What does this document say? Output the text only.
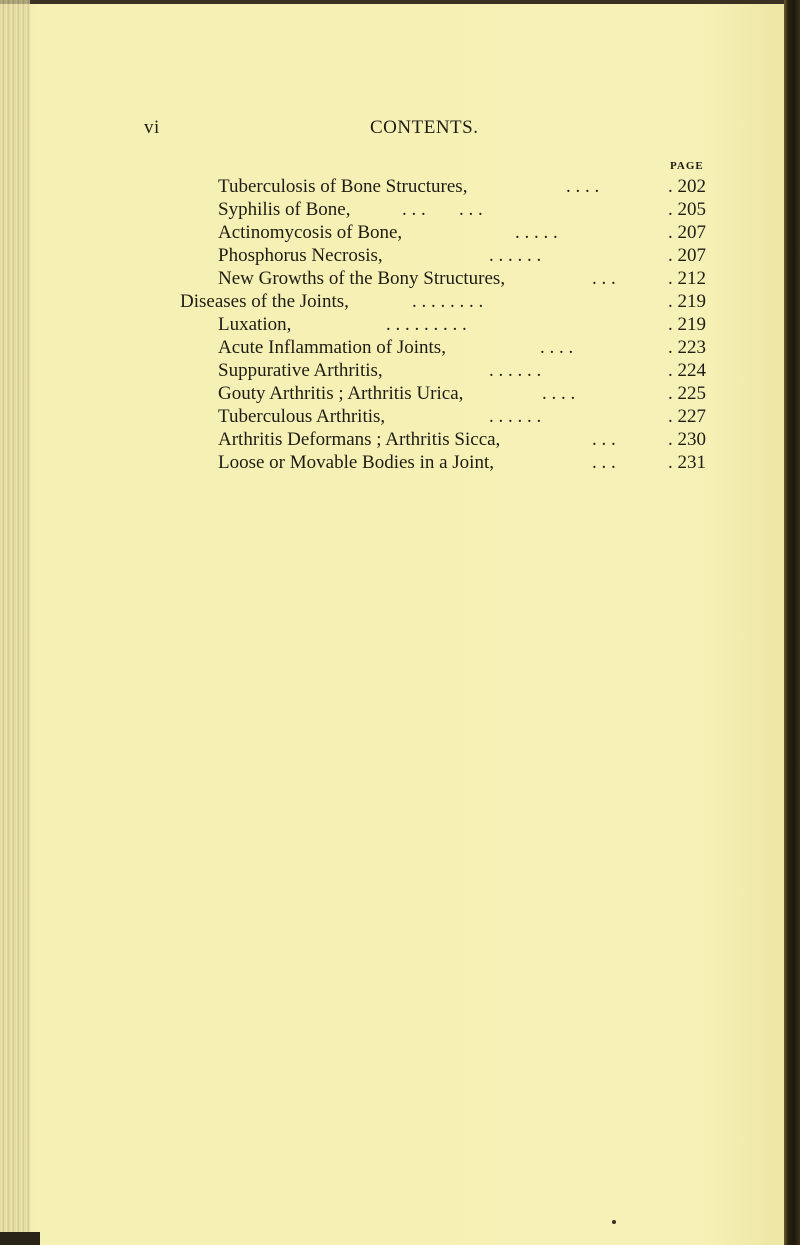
vi	CONTENTS.
PAGE
Tuberculosis of Bone Structures,	. . . .	. 202
Syphilis of Bone,	. . .       . . .	. 205
Actinomycosis of Bone,	. . . . .	. 207
Phosphorus Necrosis,	. . . . . .	. 207
New Growths of the Bony Structures,	. . .	. 212
Diseases of the Joints,	. . . . . . . .	. 219
Luxation,	. . . . . . . . .	. 219
Acute Inflammation of Joints,	. . . .	. 223
Suppurative Arthritis,	. . . . . .	. 224
Gouty Arthritis ; Arthritis Urica,	. . . .	. 225
Tuberculous Arthritis,	. . . . . .	. 227
Arthritis Deformans ; Arthritis Sicca,	. . .	. 230
Loose or Movable Bodies in a Joint,	. . .	. 231
